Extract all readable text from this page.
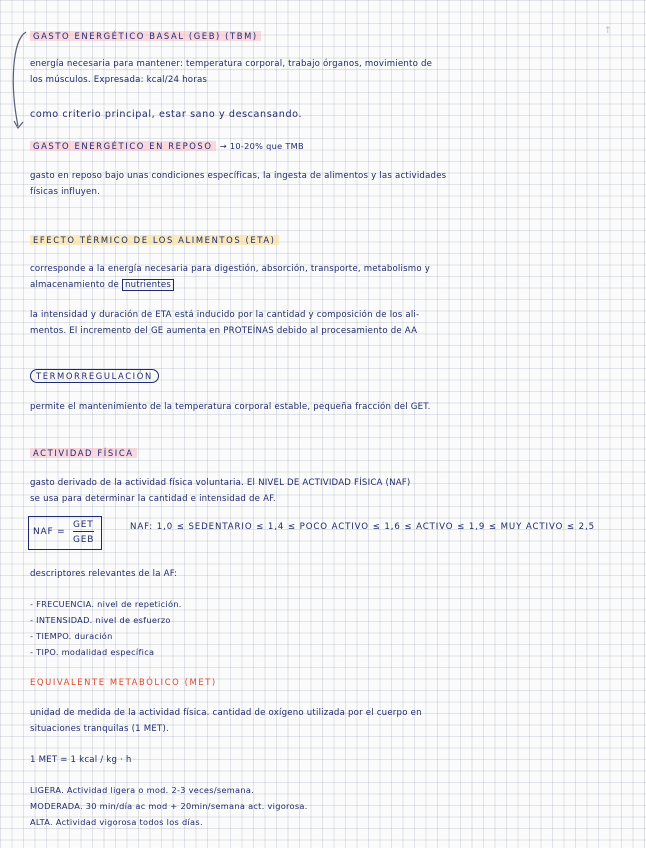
↑
GASTO ENERGÉTICO BASAL (GEB) (TBM)
energía necesaria para mantener: temperatura corporal, trabajo órganos, movimiento de
los músculos. Expresada: kcal/24 horas
como criterio principal, estar sano y descansando.
GASTO ENERGÉTICO EN REPOSO → 10-20% que TMB
gasto en reposo bajo unas condiciones específicas, la ingesta de alimentos y las actividades
físicas influyen.
EFECTO TÉRMICO DE LOS ALIMENTOS (ETA)
corresponde a la energía necesaria para digestión, absorción, transporte, metabolismo y
almacenamiento de nutrientes
la intensidad y duración de ETA está inducido por la cantidad y composición de los ali-
mentos. El incremento del GE aumenta en PROTEÍNAS debido al procesamiento de AA
TERMORREGULACIÓN
permite el mantenimiento de la temperatura corporal estable, pequeña fracción del GET.
ACTIVIDAD FÍSICA
gasto derivado de la actividad física voluntaria. El NIVEL DE ACTIVIDAD FÍSICA (NAF)
se usa para determinar la cantidad e intensidad de AF.
NAF =
GET
GEB
NAF: 1,0 ≤ SEDENTARIO ≤ 1,4 ≤ POCO ACTIVO ≤ 1,6 ≤ ACTIVO ≤ 1,9 ≤ MUY ACTIVO ≤ 2,5
descriptores relevantes de la AF:
- FRECUENCIA. nivel de repetición.
- INTENSIDAD. nivel de esfuerzo
- TIEMPO. duración
- TIPO. modalidad específica
EQUIVALENTE METABÓLICO (MET)
unidad de medida de la actividad física. cantidad de oxígeno utilizada por el cuerpo en
situaciones tranquilas (1 MET).
1 MET = 1 kcal / kg · h
LIGERA. Actividad ligera o mod. 2-3 veces/semana.
MODERADA. 30 min/día ac mod + 20min/semana act. vigorosa.
ALTA. Actividad vigorosa todos los días.
